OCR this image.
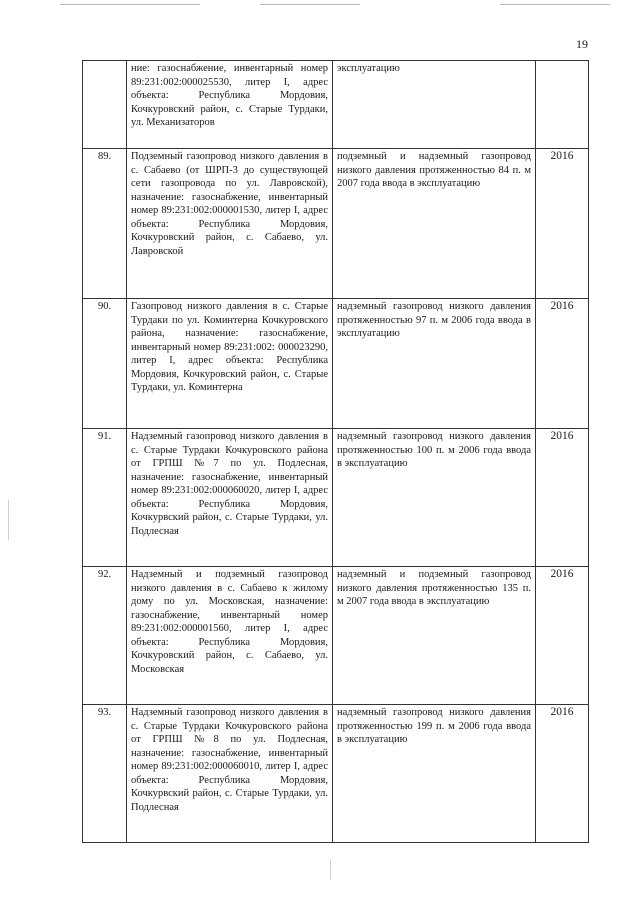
19
	ние: газоснабжение, инвентарный номер 89:231:002:000025530, литер I, адрес объекта: Республика Мордовия, Кочкуровский район, с. Старые Турдаки, ул. Механизаторов	эксплуатацию	
89.	Подземный газопровод низкого давления в с. Сабаево (от ШРП-3 до существующей сети газопровода по ул. Лавровской), назначение: газоснабжение, инвентарный номер 89:231:002:000001530, литер I, адрес объекта: Республика Мордовия, Кочкуровский район, с. Сабаево, ул. Лавровской	подземный и надземный газопровод низкого давления протяженностью 84 п. м 2007 года ввода в эксплуатацию	2016
90.	Газопровод низкого давления в с. Старые Турдаки по ул. Коминтерна Кочкуровского района, назначение: газоснабжение, инвентарный номер 89:231:002: 000023290, литер I, адрес объекта: Республика Мордовия, Кочкуровский район, с. Старые Турдаки, ул. Коминтерна	надземный газопровод низкого давления протяженностью 97 п. м 2006 года ввода в эксплуатацию	2016
91.	Надземный газопровод низкого давления в с. Старые Турдаки Кочкуровского района от ГРПШ №7 по ул. Подлесная, назначение: газоснабжение, инвентарный номер 89:231:002:000060020, литер I, адрес объекта: Республика Мордовия, Кочкурвский район, с. Старые Турдаки, ул. Подлесная	надземный газопровод низкого давления протяженностью 100 п. м 2006 года ввода в эксплуатацию	2016
92.	Надземный и подземный газопровод низкого давления в с. Сабаево к жилому дому по ул. Московская, назначение: газоснабжение, инвентарный номер 89:231:002:000001560, литер I, адрес объекта: Республика Мордовия, Кочкуровский район, с. Сабаево, ул. Московская	надземный и подземный газопровод низкого давления протяженностью 135 п. м 2007 года ввода в эксплуатацию	2016
93.	Надземный газопровод низкого давления в с. Старые Турдаки Кочкуровского района от ГРПШ №8 по ул. Подлесная, назначение: газоснабжение, инвентарный номер 89:231:002:000060010, литер I, адрес объекта: Республика Мордовия, Кочкурвский район, с. Старые Турдаки, ул. Подлесная	надземный газопровод низкого давления протяженностью 199 п. м 2006 года ввода в эксплуатацию	2016
